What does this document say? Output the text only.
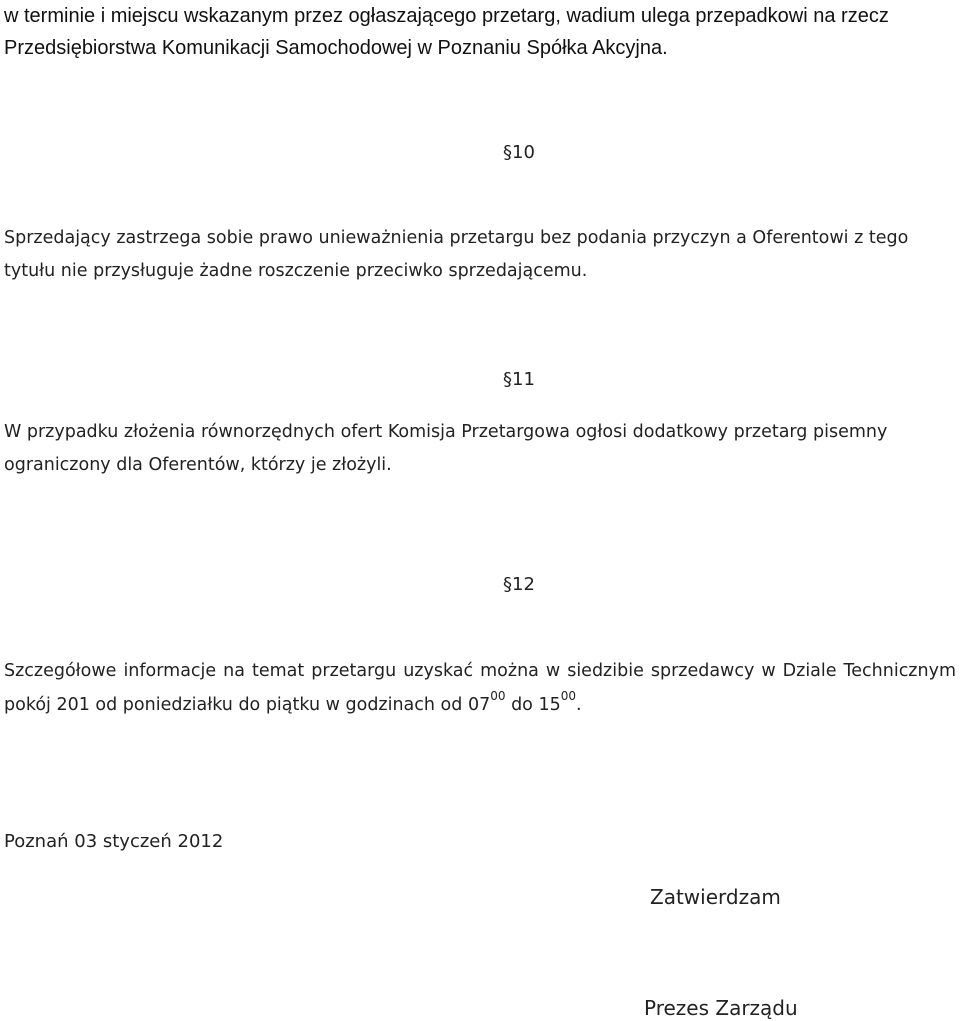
w terminie i miejscu wskazanym przez ogłaszającego przetarg, wadium ulega przepadkowi na rzecz Przedsiębiorstwa Komunikacji Samochodowej w Poznaniu Spółka Akcyjna.

§10

Sprzedający zastrzega sobie prawo unieważnienia przetargu bez podania przyczyn a Oferentowi z tego tytułu nie przysługuje żadne roszczenie przeciwko sprzedającemu.

§11

W przypadku złożenia równorzędnych ofert Komisja Przetargowa ogłosi dodatkowy przetarg pisemny ograniczony dla Oferentów, którzy je złożyli.

§12

Szczegółowe informacje na temat przetargu uzyskać można w siedzibie sprzedawcy w Dziale Technicznym pokój 201 od poniedziałku do piątku w godzinach od $07^{00}$ do $15^{00}$.

Poznań 03 styczeń 2012

Zatwierdzam

Prezes Zarządu
